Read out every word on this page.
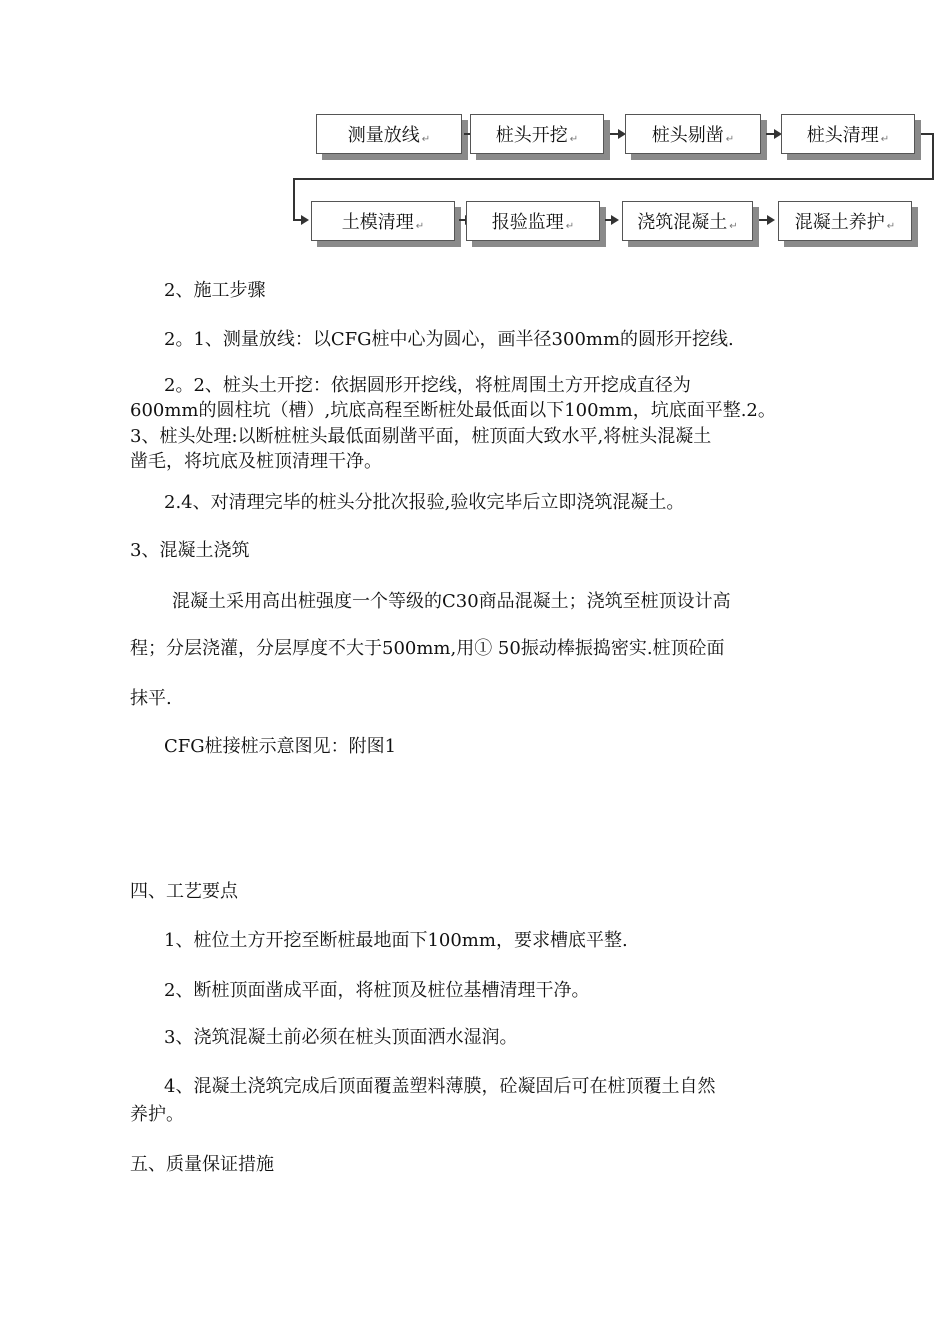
测量放线 ↵	桩头开挖 ↵	桩头剔凿 ↵	桩头清理 ↵
土模清理 ↵	报验监理 ↵	浇筑混凝土 ↵	混凝土养护 ↵

2、施工步骤

2。1、测量放线：以CFG桩中心为圆心，画半径300mm的圆形开挖线.

2。2、桩头土开挖：依据圆形开挖线，将桩周围土方开挖成直径为

600mm的圆柱坑（槽）,坑底高程至断桩处最低面以下100mm，坑底面平整.2。

3、桩头处理:以断桩桩头最低面剔凿平面，桩顶面大致水平,将桩头混凝土

凿毛，将坑底及桩顶清理干净。

2.4、对清理完毕的桩头分批次报验,验收完毕后立即浇筑混凝土。

3、混凝土浇筑

混凝土采用高出桩强度一个等级的C30商品混凝土；浇筑至桩顶设计高

程；分层浇灌，分层厚度不大于500mm,用① 50振动棒振捣密实.桩顶砼面

抹平.

CFG桩接桩示意图见：附图1

四、工艺要点

1、桩位土方开挖至断桩最地面下100mm，要求槽底平整.

2、断桩顶面凿成平面，将桩顶及桩位基槽清理干净。

3、浇筑混凝土前必须在桩头顶面洒水湿润。

4、混凝土浇筑完成后顶面覆盖塑料薄膜，砼凝固后可在桩顶覆土自然

养护。

五、质量保证措施
